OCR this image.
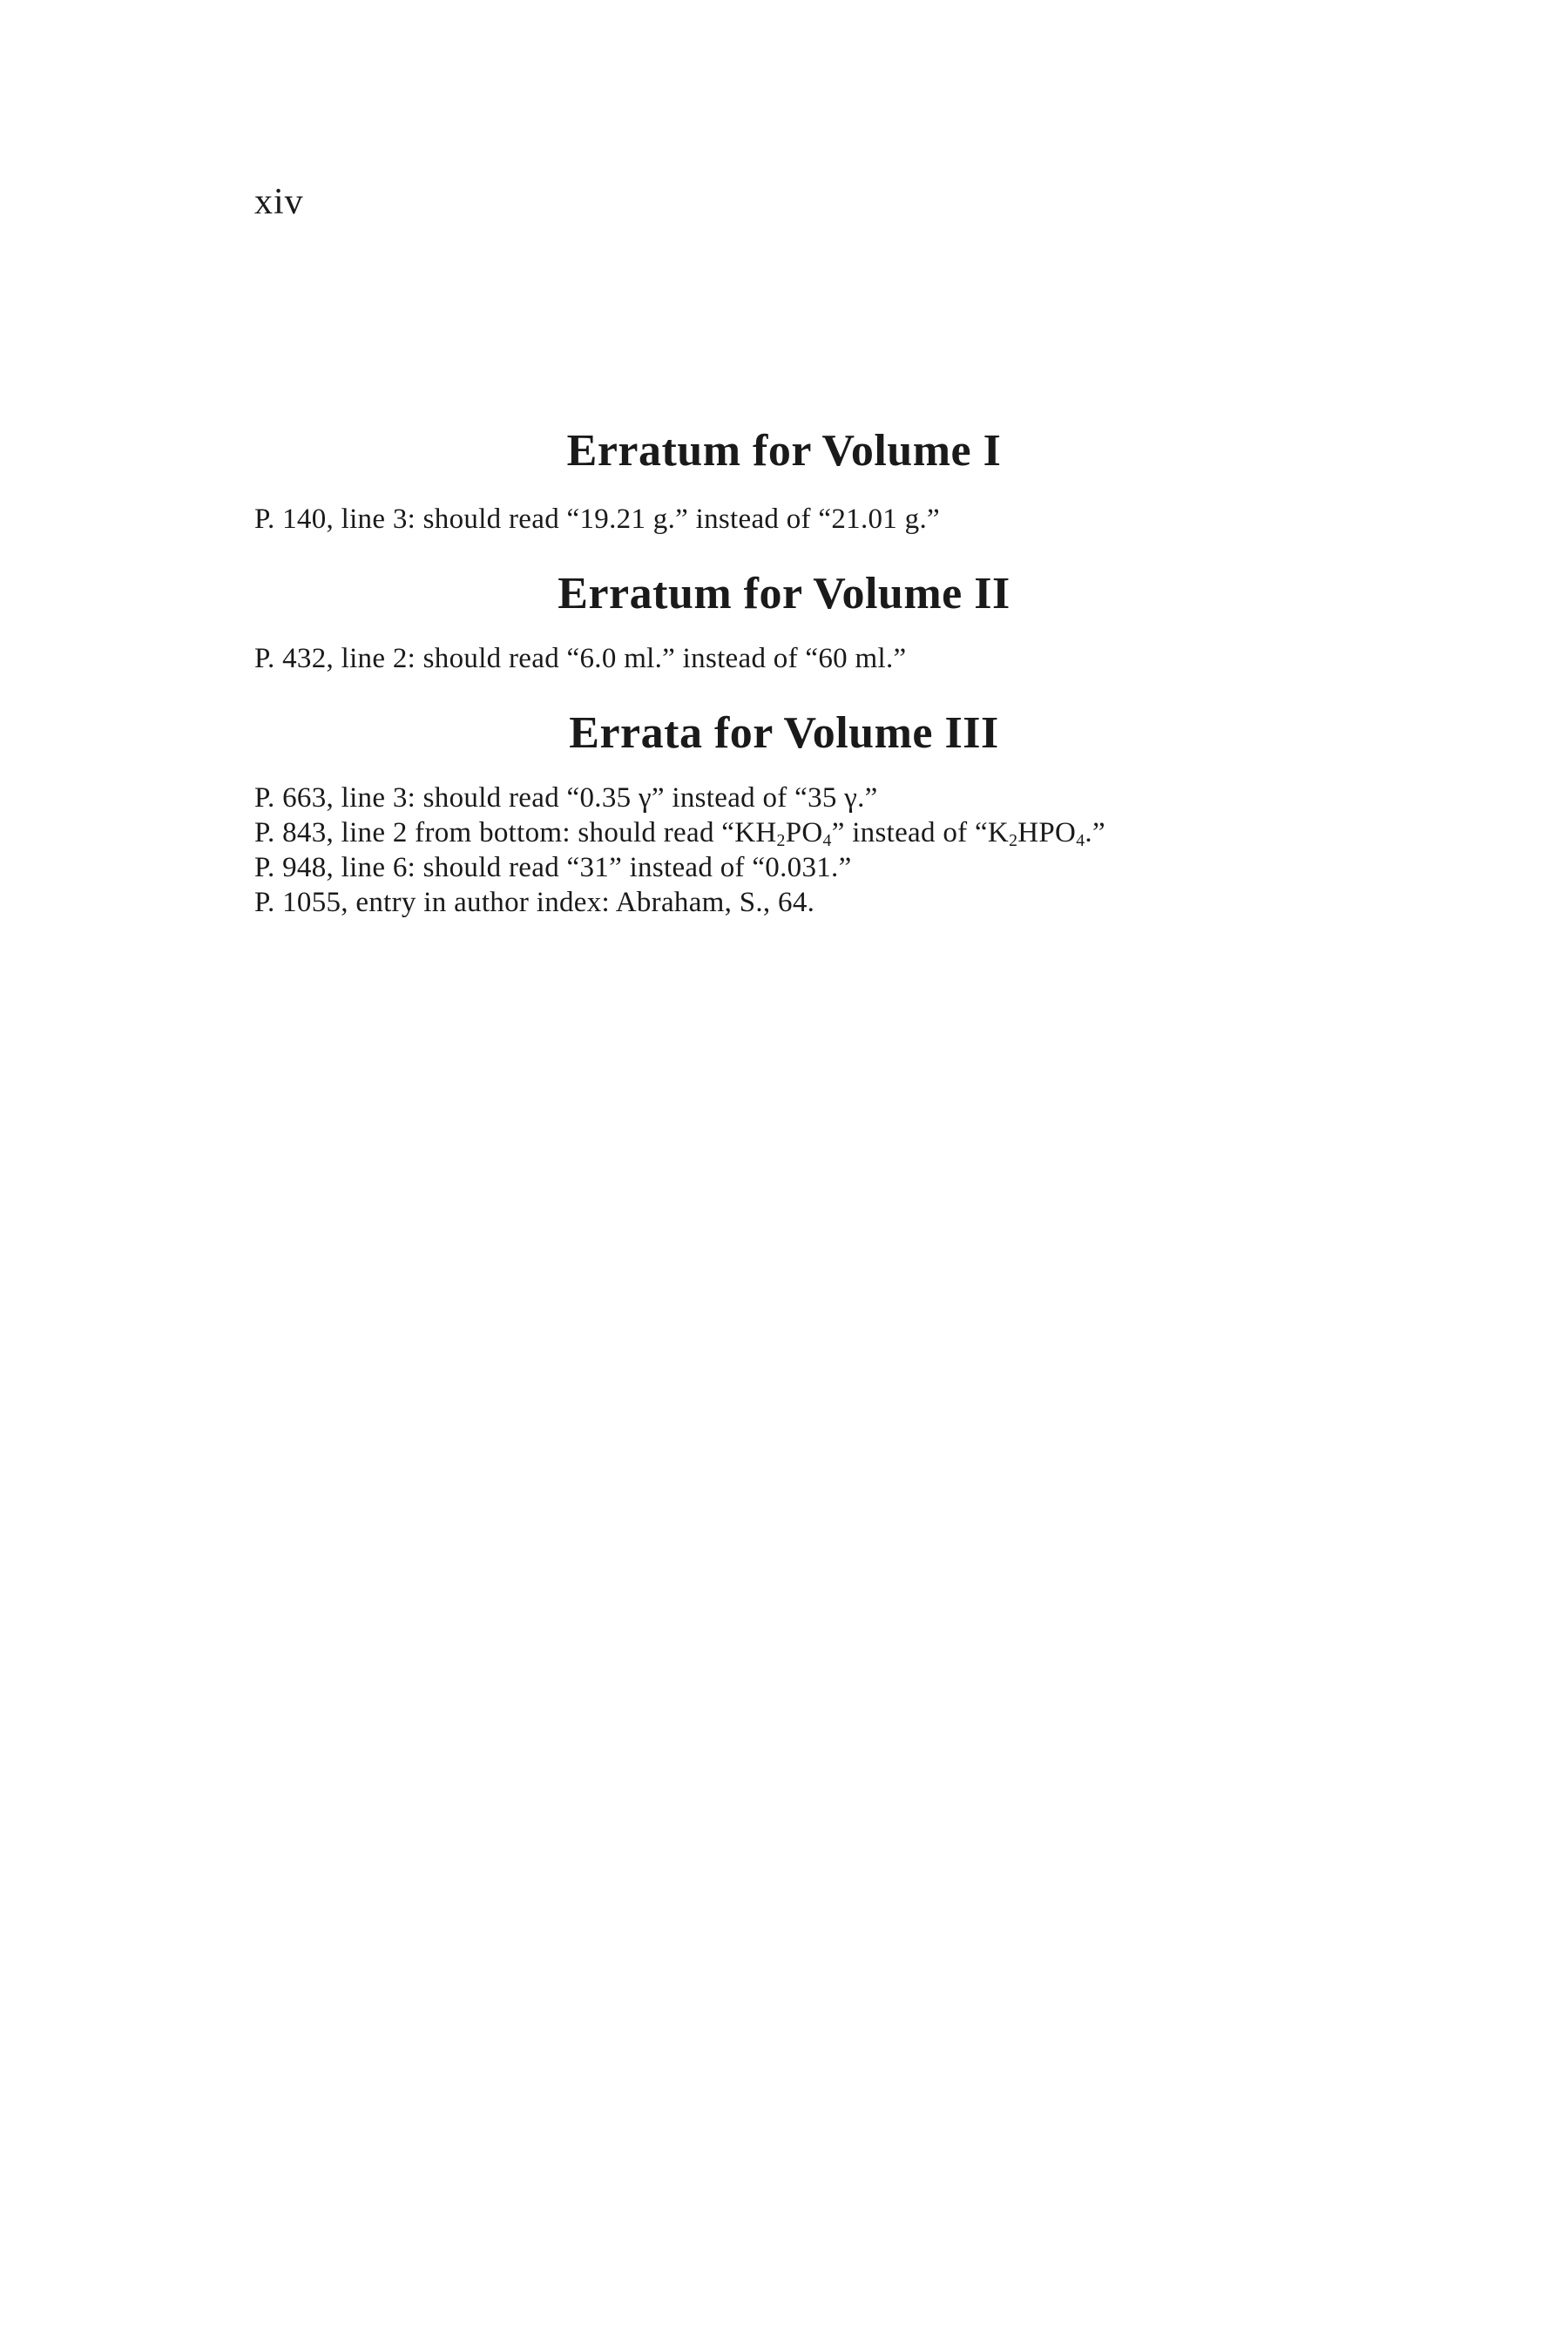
xiv
Erratum for Volume I
P. 140, line 3: should read “19.21 g.” instead of “21.01 g.”
Erratum for Volume II
P. 432, line 2: should read “6.0 ml.” instead of “60 ml.”
Errata for Volume III
P. 663, line 3: should read “0.35 γ” instead of “35 γ.”
P. 843, line 2 from bottom: should read “$KH_2PO_4$” instead of “$K_2HPO_4$.”
P. 948, line 6: should read “31” instead of “0.031.”
P. 1055, entry in author index: Abraham, S., 64.
